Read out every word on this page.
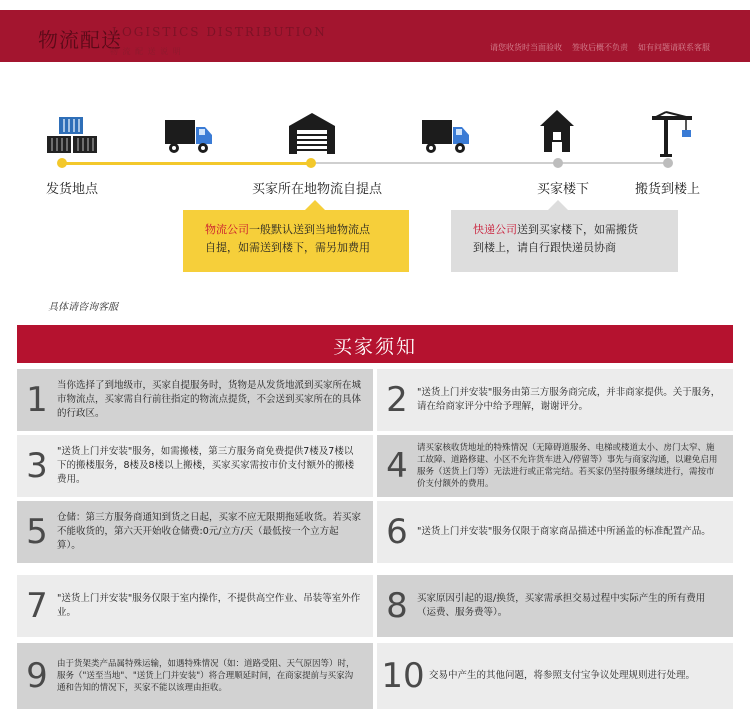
物流配送
LOGISTICS DISTRIBUTION
物 流 配 送 说 明	请您收货时当面验收 签收后概不负责 如有问题请联系客服
发货地点	买家所在地物流自提点	买家楼下	搬货到楼上
物流公司一般默认送到当地物流点
自提，如需送到楼下，需另加费用
快递公司送到买家楼下，如需搬货
到楼上，请自行跟快递员协商
具体请咨询客服
买家须知
1 当你选择了到地级市，买家自提服务时，货物是从发货地派到买家所在城市物流点，买家需自行前往指定的物流点提货，不会送到买家所在的具体的行政区。	2 "送货上门并安装"服务由第三方服务商完成，并非商家提供。关于服务，请在给商家评分中给予理解，谢谢评分。
3 "送货上门并安装"服务，如需搬楼，第三方服务商免费提供7楼及7楼以下的搬楼服务，8楼及8楼以上搬楼，买家买家需按市价支付额外的搬楼费用。	4	请买家核收货地址的特殊情况（无障碍道服务、电梯或楼道太小、房门太窄、施工故障、道路修建、小区不允许货车进入/停留等）事先与商家沟通，以避免启用服务（送货上门等）无法进行或正常完结。若买家仍坚持服务继续进行，需按市价支付额外的费用。
5 仓储：第三方服务商通知到货之日起，买家不应无限期拖延收货。若买家不能收货的，第六天开始收仓储费:0元/立方/天（最低按一个立方起算）。	6 "送货上门并安装"服务仅限于商家商品描述中所涵盖的标准配置产品。
7 "送货上门并安装"服务仅限于室内操作，不提供高空作业、吊装等室外作业。	8 买家原因引起的退/换货，买家需承担交易过程中实际产生的所有费用（运费、服务费等）。
9	由于货架类产品属特殊运输，如遇特殊情况（如：道路受阻、天气原因等）时，服务（"送至当地"、"送货上门并安装"）将合理顺延时间，在商家提前与买家沟通和告知的情况下，买家不能以该理由拒收。	10 交易中产生的其他问题，将参照支付宝争议处理规则进行处理。
